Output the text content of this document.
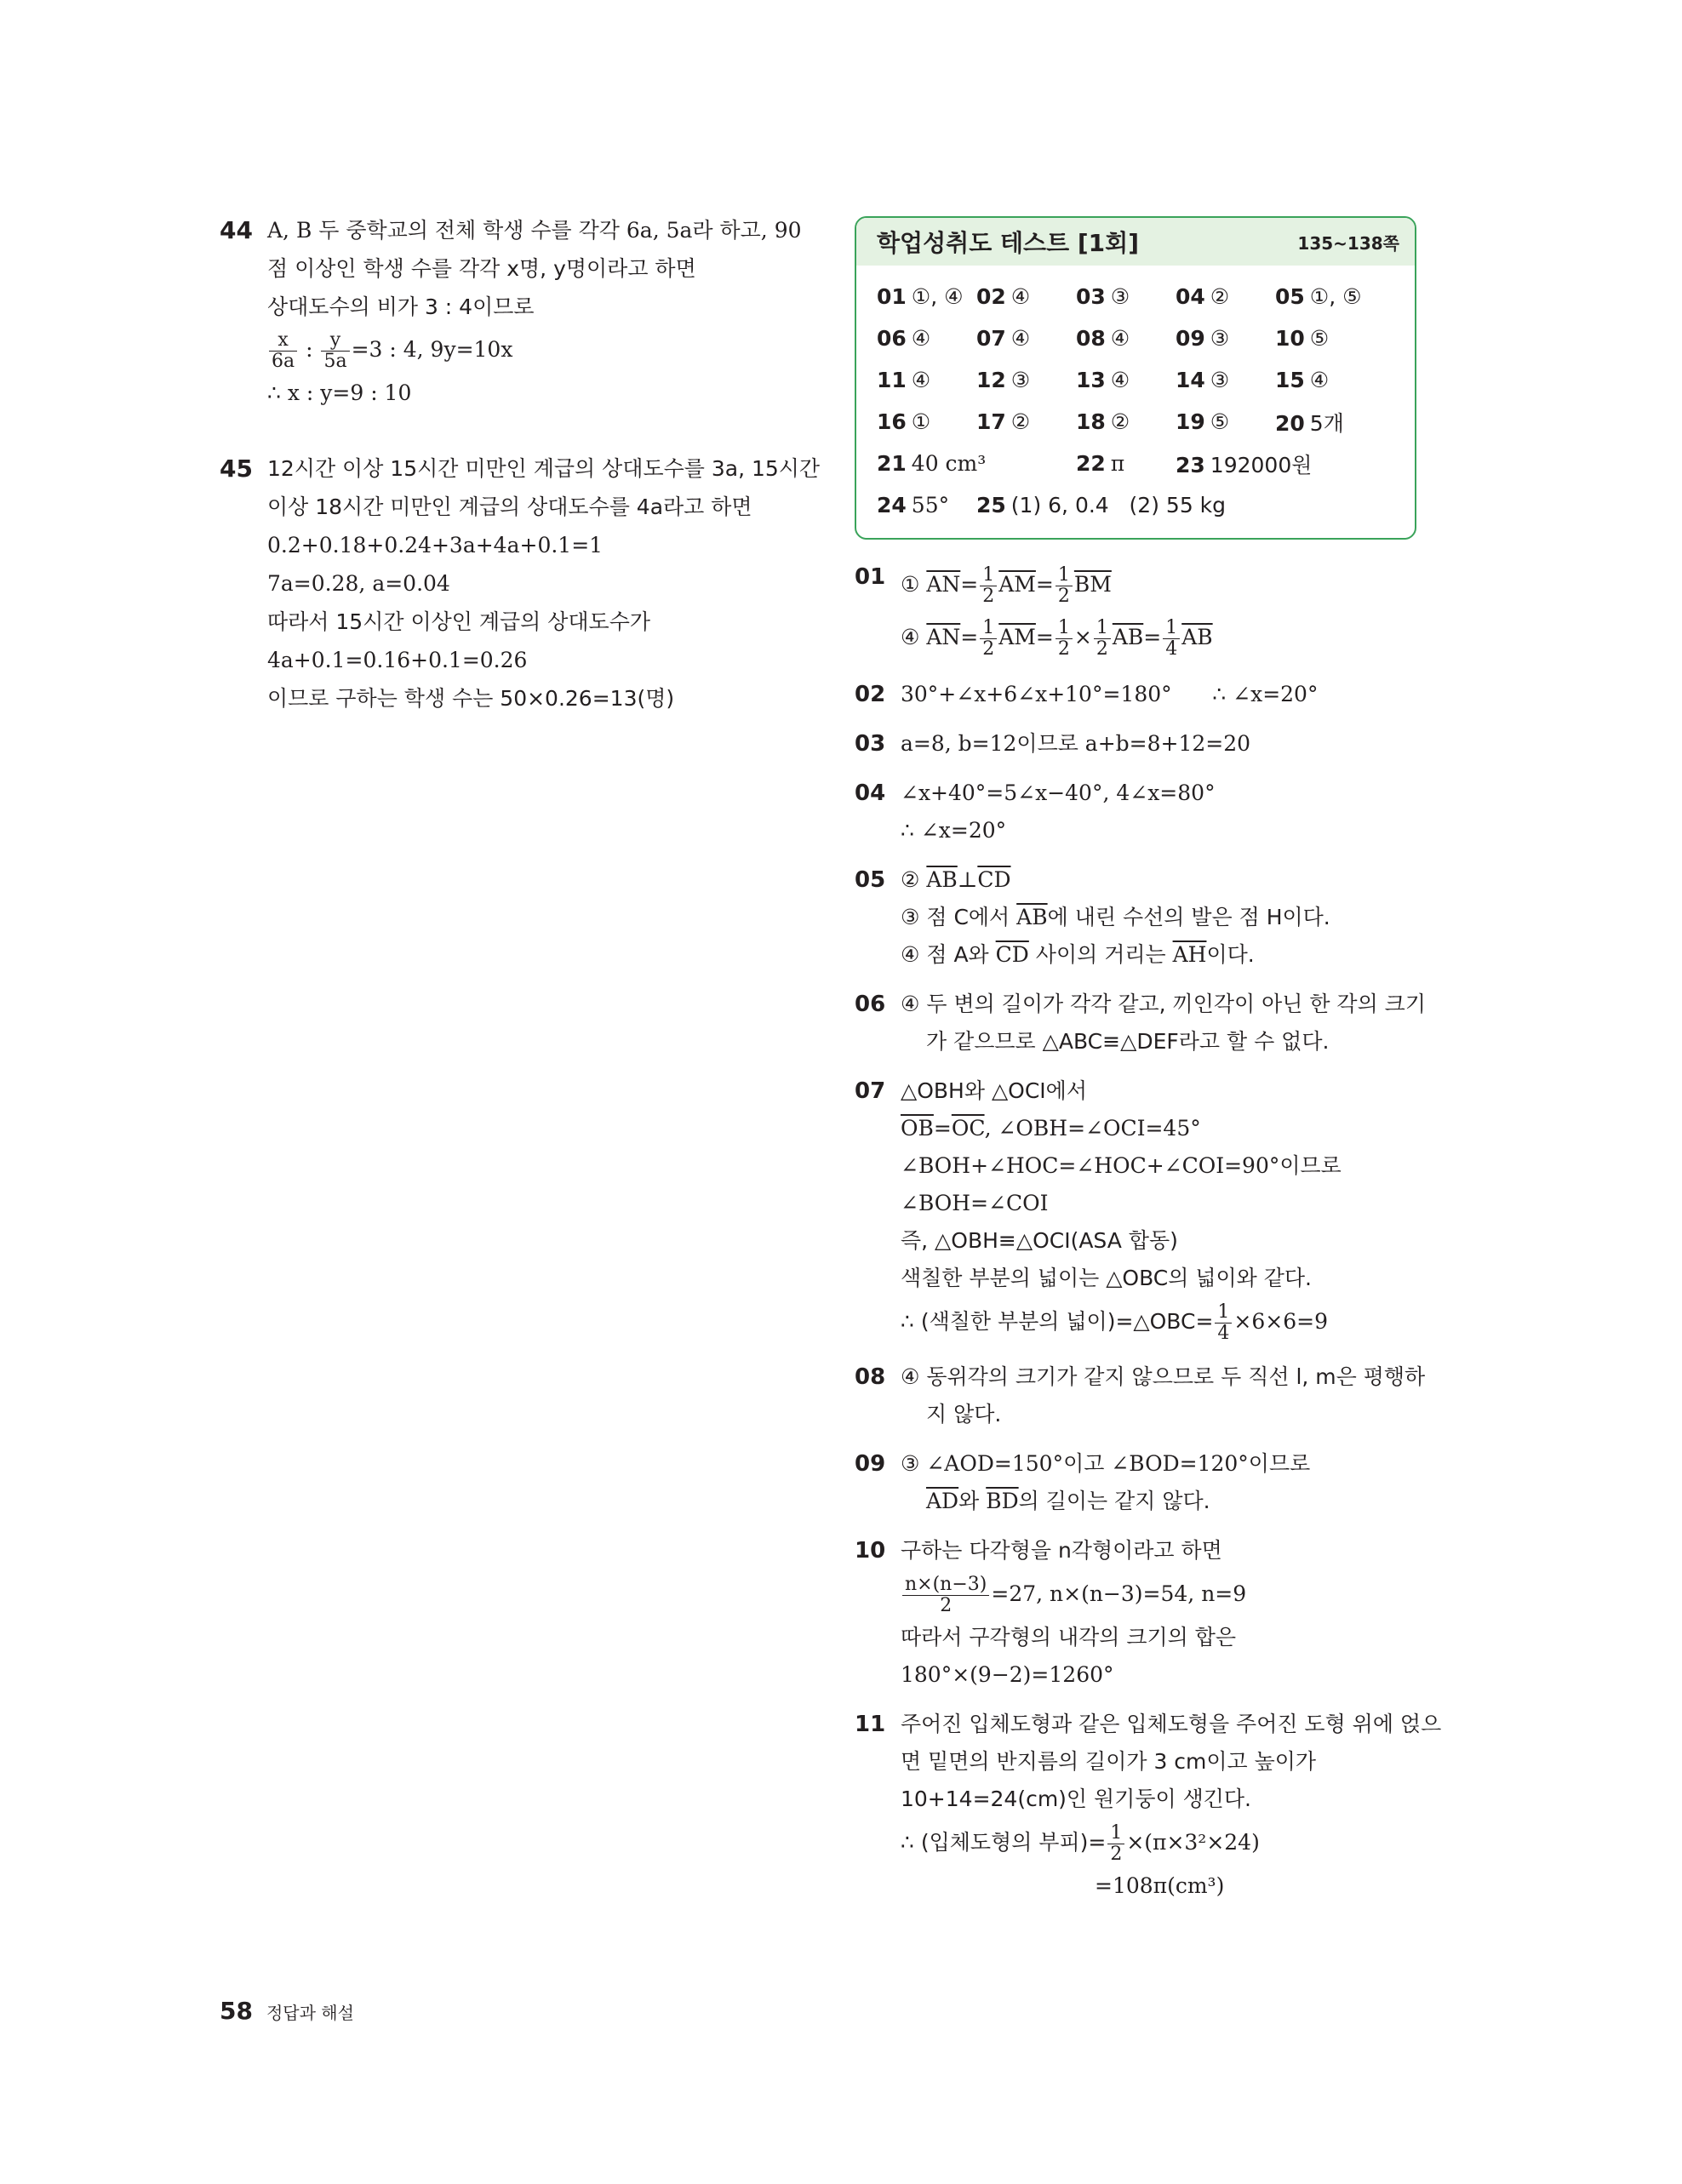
44 A, B 두 중학교의 전체 학생 수를 각각 6a, 5a라 하고, 90
점 이상인 학생 수를 각각 x명, y명이라고 하면
상대도수의 비가 3 : 4이므로
$\frac{x}{6a}$ : $\frac{y}{5a} =3$ : 4, 9y=10x
∴ x : y=9 : 10
45 12시간 이상 15시간 미만인 계급의 상대도수를 3a, 15시간
이상 18시간 미만인 계급의 상대도수를 4a라고 하면
0.2+0.18+0.24+3a+4a+0.1=1
7a=0.28, a=0.04
따라서 15시간 이상인 계급의 상대도수가
4a+0.1=0.16+0.1=0.26
이므로 구하는 학생 수는 50×0.26=13(명)
학업성취도 테스트 [1회]	135~138쪽
01 ①, ④ 02 ④	03 ③	04 ②	05 ①, ⑤
06 ④	07 ④	08 ④	09 ③	10 ⑤
11 ④	12 ③	13 ④	14 ③	15 ④
16 ①	17 ②	18 ②	19 ⑤	20 5개
21 40 cm³	22 π	23 192000원
24 55°	25 (1) 6, 0.4   (2) 55 kg
01 ① $\overline{AN}= \frac{1}{2} \overline{AM}= \frac{1}{2} \overline{BM}$
④ $\overline{AN}= \frac{1}{2} \overline{AM}= \frac{1}{2} \times \frac{1}{2} \overline{AB}= \frac{1}{4} \overline{AB}$
02 30°+∠x+6∠x+10°=180°      ∴ ∠x=20°
03 a=8, b=12이므로 a+b=8+12=20
04 ∠x+40°=5∠x−40°, 4∠x=80°
∴ ∠x=20°
05 ② $\overline{AB}\perp\overline{CD}$
③ 점 C에서 $\overline{AB}$에 내린 수선의 발은 점 H이다.
④ 점 A와 $\overline{CD}$ 사이의 거리는 $\overline{AH}$이다.
06 ④ 두 변의 길이가 각각 같고, 끼인각이 아닌 한 각의 크기
가 같으므로 △ABC≡△DEF라고 할 수 없다.
07 △OBH와 △OCI에서
$\overline{OB}=\overline{OC}$, ∠OBH=∠OCI=45°
∠BOH+∠HOC=∠HOC+∠COI=90°이므로
∠BOH=∠COI
즉, △OBH≡△OCI(ASA 합동)
색칠한 부분의 넓이는 △OBC의 넓이와 같다.
∴ (색칠한 부분의 넓이)=△OBC= $\frac{1}{4} \times 6\times 6=9$
08 ④ 동위각의 크기가 같지 않으므로 두 직선 l, m은 평행하
지 않다.
09 ③ ∠AOD=150°이고 ∠BOD=120°이므로
$\overline{AD}$와 $\overline{BD}$의 길이는 같지 않다.
10 구하는 다각형을 n각형이라고 하면
$\frac{n\times(n-3)}{2} =27$, n×(n−3)=54, n=9
따라서 구각형의 내각의 크기의 합은
180°×(9−2)=1260°
11 주어진 입체도형과 같은 입체도형을 주어진 도형 위에 얹으
면 밑면의 반지름의 길이가 3 cm이고 높이가
10+14=24(cm)인 원기둥이 생긴다.
∴ (입체도형의 부피)= $\frac{1}{2} \times(\pi\times 3^2\times 24)$
=108π(cm³)
58 정답과 해설
